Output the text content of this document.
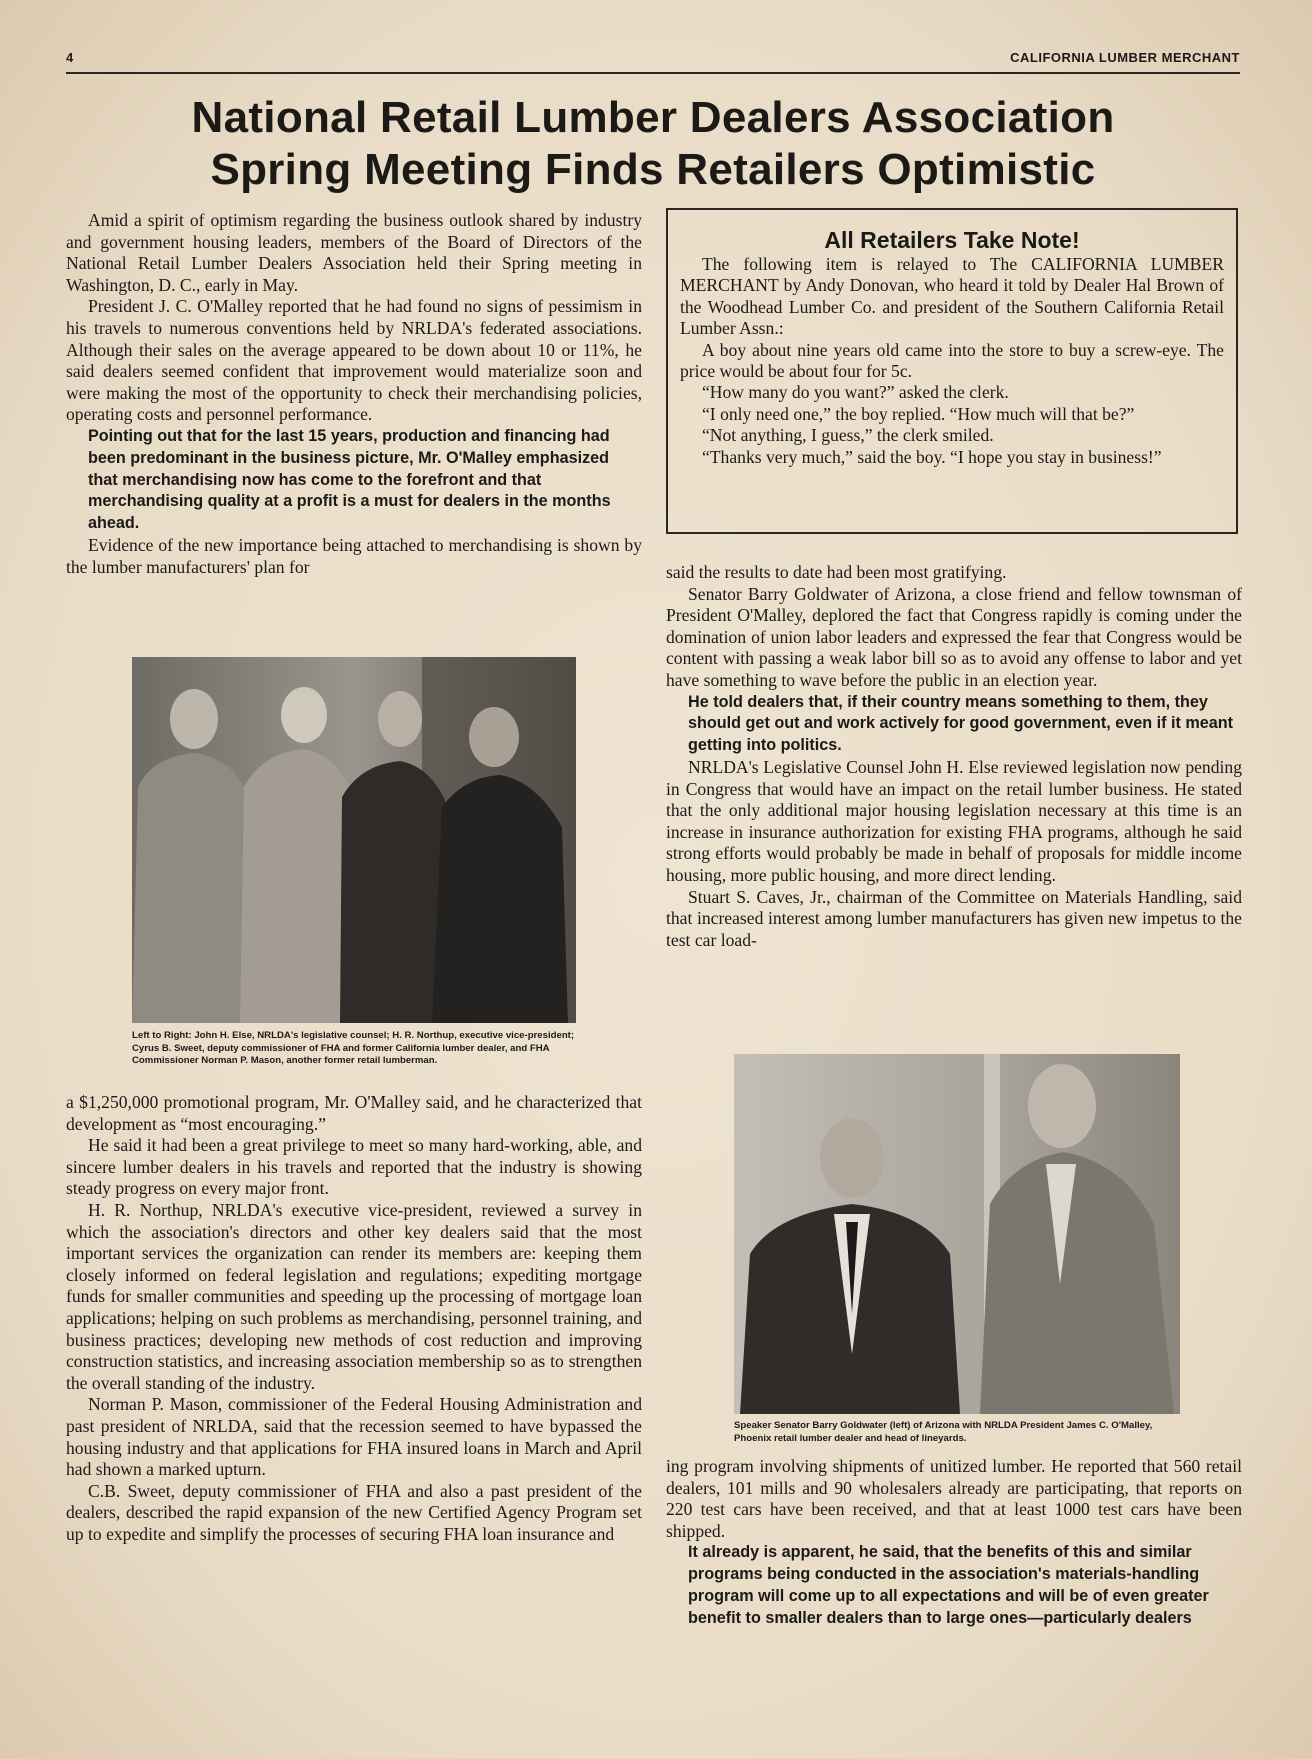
4	CALIFORNIA LUMBER MERCHANT
National Retail Lumber Dealers Association
Spring Meeting Finds Retailers Optimistic

Amid a spirit of optimism regarding the business outlook shared by industry and government housing leaders, members of the Board of Directors of the National Retail Lumber Dealers Association held their Spring meeting in Washington, D. C., early in May.

President J. C. O'Malley reported that he had found no signs of pessimism in his travels to numerous conventions held by NRLDA's federated associations. Although their sales on the average appeared to be down about 10 or 11%, he said dealers seemed confident that improvement would materialize soon and were making the most of the opportunity to check their merchandising policies, operating costs and personnel performance.

Pointing out that for the last 15 years, production and financing had been predominant in the business picture, Mr. O'Malley emphasized that merchandising now has come to the forefront and that merchandising quality at a profit is a must for dealers in the months ahead.

Evidence of the new importance being attached to merchandising is shown by the lumber manufacturers' plan for

Left to Right: John H. Else, NRLDA's legislative counsel; H. R. Northup, executive vice-president; Cyrus B. Sweet, deputy commissioner of FHA and former California lumber dealer, and FHA Commissioner Norman P. Mason, another former retail lumberman.

a $1,250,000 promotional program, Mr. O'Malley said, and he characterized that development as “most encouraging.”

He said it had been a great privilege to meet so many hard-working, able, and sincere lumber dealers in his travels and reported that the industry is showing steady progress on every major front.

H. R. Northup, NRLDA's executive vice-president, reviewed a survey in which the association's directors and other key dealers said that the most important services the organization can render its members are: keeping them closely informed on federal legislation and regulations; expediting mortgage funds for smaller communities and speeding up the processing of mortgage loan applications; helping on such problems as merchandising, personnel training, and business practices; developing new methods of cost reduction and improving construction statistics, and increasing association membership so as to strengthen the overall standing of the industry.

Norman P. Mason, commissioner of the Federal Housing Administration and past president of NRLDA, said that the recession seemed to have bypassed the housing industry and that applications for FHA insured loans in March and April had shown a marked upturn.

C.B. Sweet, deputy commissioner of FHA and also a past president of the dealers, described the rapid expansion of the new Certified Agency Program set up to expedite and simplify the processes of securing FHA loan insurance and

All Retailers Take Note!

The following item is relayed to The CALIFORNIA LUMBER MERCHANT by Andy Donovan, who heard it told by Dealer Hal Brown of the Woodhead Lumber Co. and president of the Southern California Retail Lumber Assn.:

A boy about nine years old came into the store to buy a screw-eye. The price would be about four for 5c.

“How many do you want?” asked the clerk.

“I only need one,” the boy replied. “How much will that be?”

“Not anything, I guess,” the clerk smiled.

“Thanks very much,” said the boy. “I hope you stay in business!”

said the results to date had been most gratifying.

Senator Barry Goldwater of Arizona, a close friend and fellow townsman of President O'Malley, deplored the fact that Congress rapidly is coming under the domination of union labor leaders and expressed the fear that Congress would be content with passing a weak labor bill so as to avoid any offense to labor and yet have something to wave before the public in an election year.

He told dealers that, if their country means something to them, they should get out and work actively for good government, even if it meant getting into politics.

NRLDA's Legislative Counsel John H. Else reviewed legislation now pending in Congress that would have an impact on the retail lumber business. He stated that the only additional major housing legislation necessary at this time is an increase in insurance authorization for existing FHA programs, although he said strong efforts would probably be made in behalf of proposals for middle income housing, more public housing, and more direct lending.

Stuart S. Caves, Jr., chairman of the Committee on Materials Handling, said that increased interest among lumber manufacturers has given new impetus to the test car load-

Speaker Senator Barry Goldwater (left) of Arizona with NRLDA President James C. O'Malley, Phoenix retail lumber dealer and head of lineyards.

ing program involving shipments of unitized lumber. He reported that 560 retail dealers, 101 mills and 90 wholesalers already are participating, that reports on 220 test cars have been received, and that at least 1000 test cars have been shipped.

It already is apparent, he said, that the benefits of this and similar programs being conducted in the association's materials-handling program will come up to all expectations and will be of even greater benefit to smaller dealers than to large ones—particularly dealers
